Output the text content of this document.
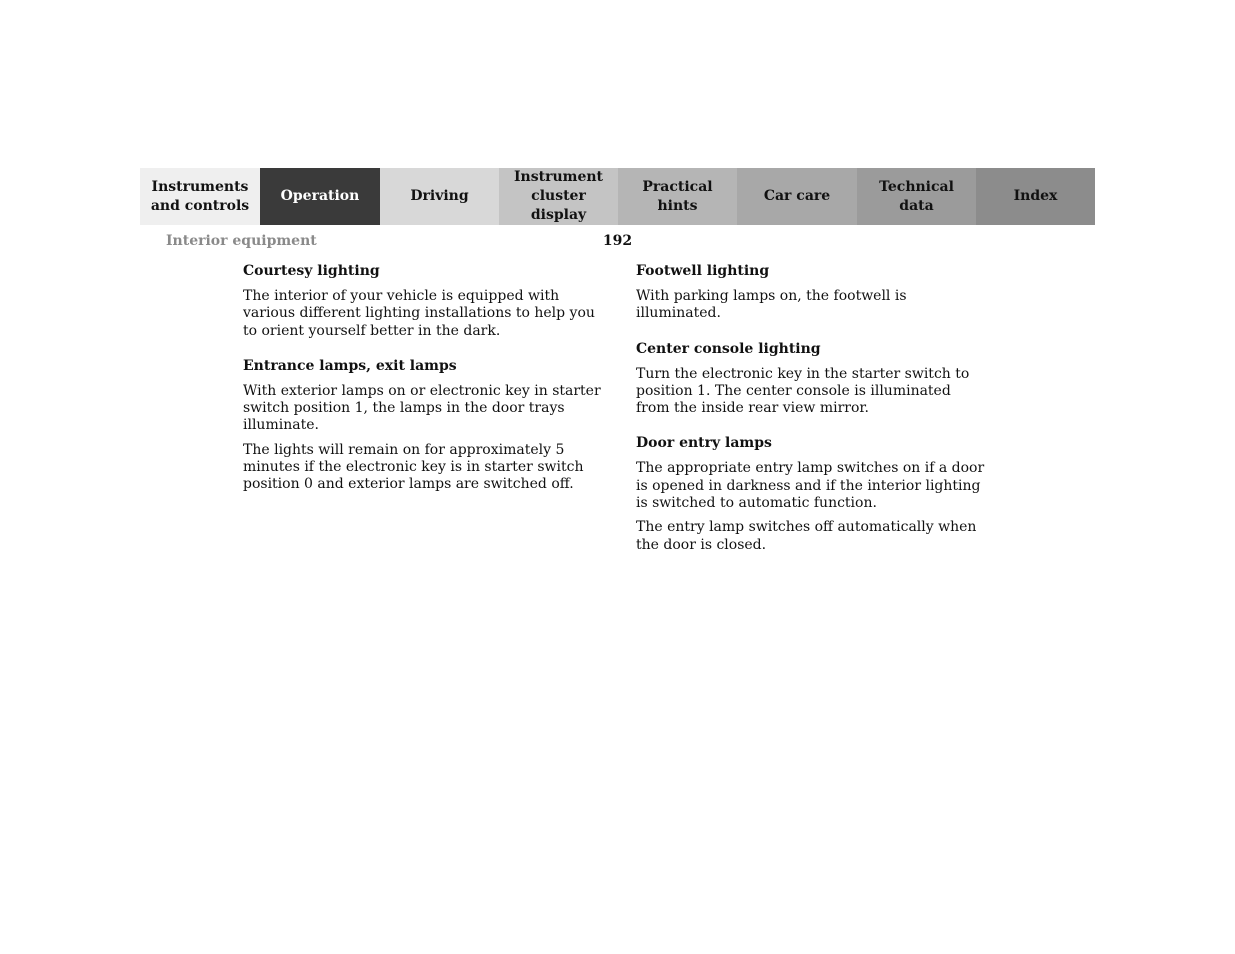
Instruments
and controls
Operation	Driving
Instrument
cluster display
Practical hints
Car care
Technical
data
Index
Interior equipment	192
Courtesy lighting

The interior of your vehicle is equipped with various different lighting installations to help you to orient yourself better in the dark.

Entrance lamps, exit lamps

With exterior lamps on or electronic key in starter switch position 1, the lamps in the door trays illuminate.

The lights will remain on for approximately 5 minutes if the electronic key is in starter switch position 0 and exterior lamps are switched off.

Footwell lighting

With parking lamps on, the footwell is illuminated.

Center console lighting

Turn the electronic key in the starter switch to position 1. The center console is illuminated from the inside rear view mirror.

Door entry lamps

The appropriate entry lamp switches on if a door is opened in darkness and if the interior lighting is switched to automatic function.

The entry lamp switches off automatically when the door is closed.
